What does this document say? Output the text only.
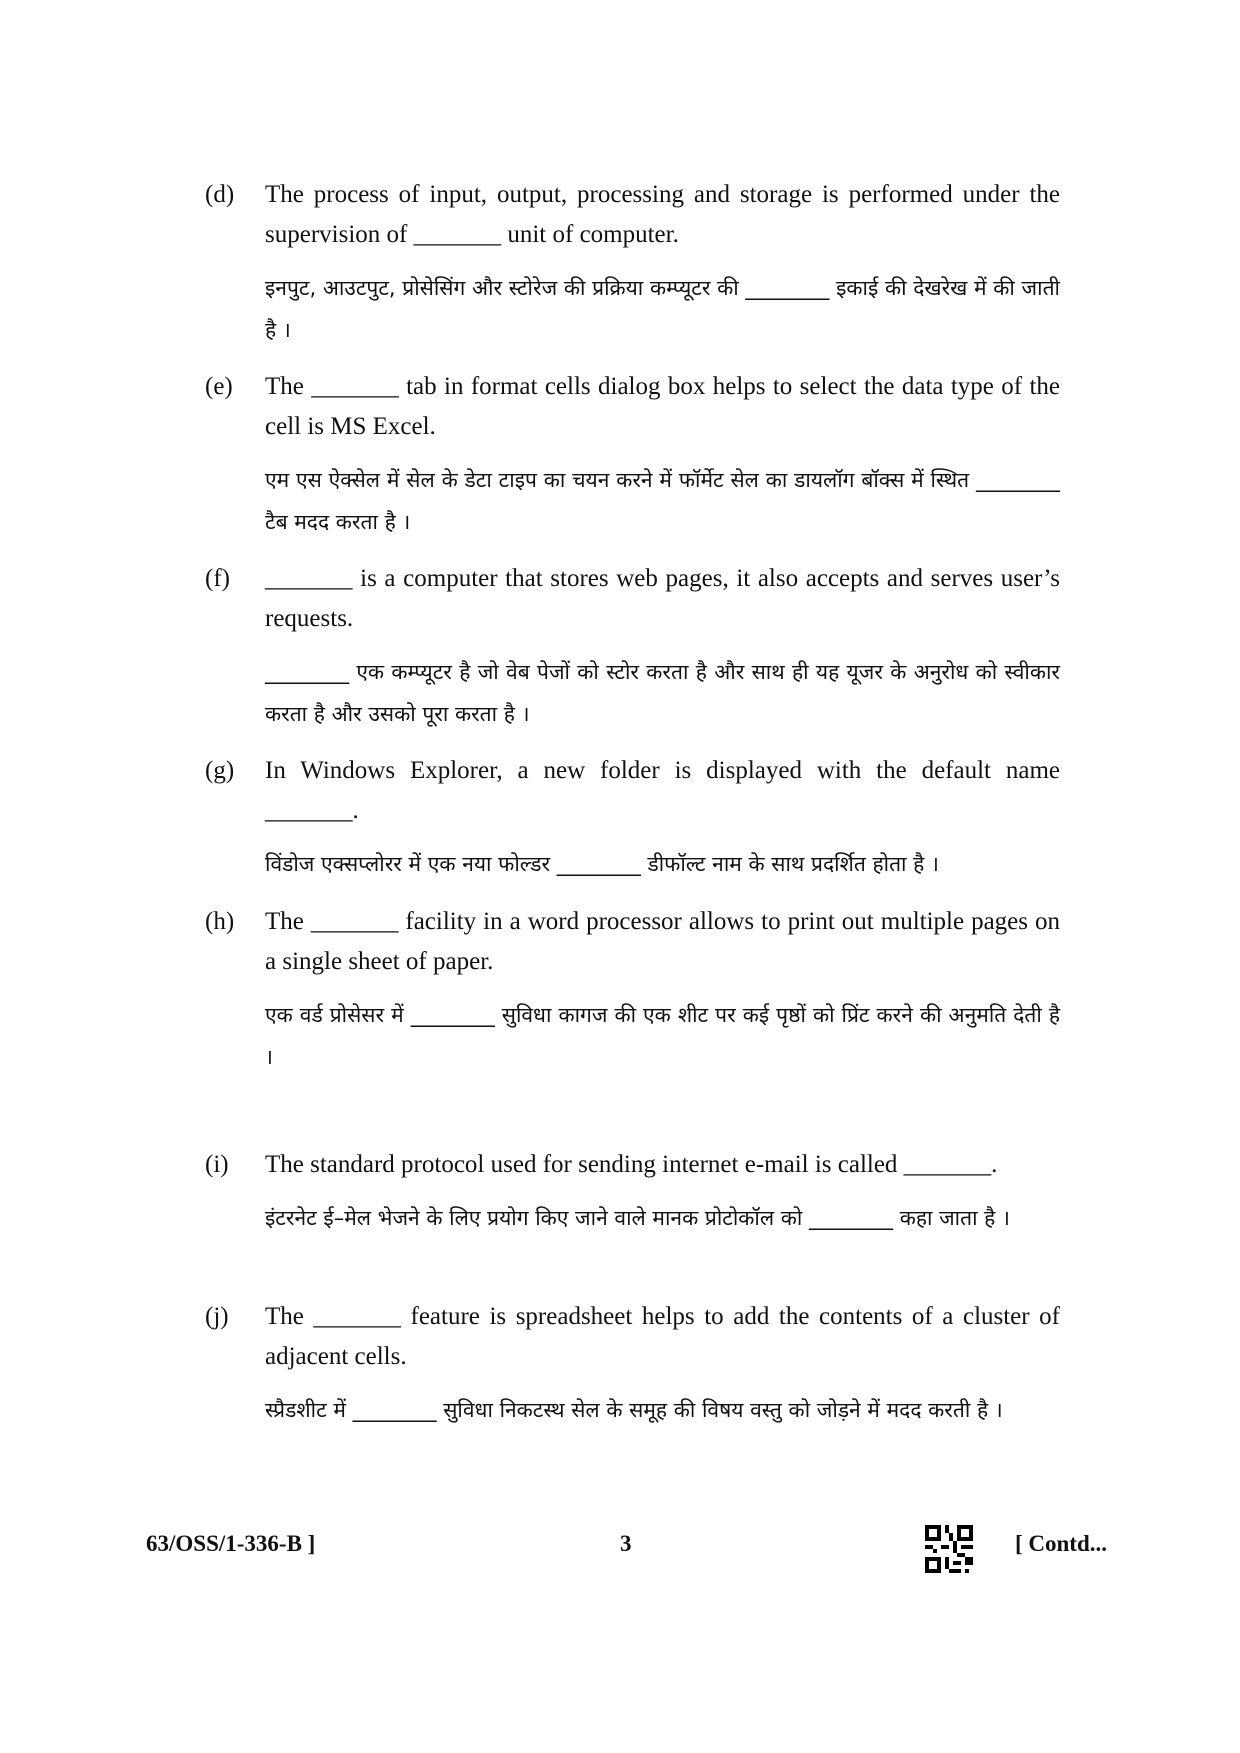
(d)	The process of input, output, processing and storage is performed under the supervision of _______ unit of computer.

इनपुट, आउटपुट, प्रोसेसिंग और स्टोरेज की प्रक्रिया कम्प्यूटर की ________ इकाई की देखरेख में की जाती है ।

(e)	The _______ tab in format cells dialog box helps to select the data type of the cell is MS Excel.

एम एस ऐक्सेल में सेल के डेटा टाइप का चयन करने में फॉर्मेट सेल का डायलॉग बॉक्स में स्थित ________ टैब मदद करता है ।

(f)	_______ is a computer that stores web pages, it also accepts and serves user’s requests.

________ एक कम्प्यूटर है जो वेब पेजों को स्टोर करता है और साथ ही यह यूजर के अनुरोध को स्वीकार करता है और उसको पूरा करता है ।

(g)	In Windows Explorer, a new folder is displayed with the default name _______.

विंडोज एक्सप्लोरर में एक नया फोल्डर ________ डीफॉल्ट नाम के साथ प्रदर्शित होता है ।

(h)	The _______ facility in a word processor allows to print out multiple pages on a single sheet of paper.

एक वर्ड प्रोसेसर में ________ सुविधा कागज की एक शीट पर कई पृष्ठों को प्रिंट करने की अनुमति देती है ।

(i)	The standard protocol used for sending internet e-mail is called _______.

इंटरनेट ई–मेल भेजने के लिए प्रयोग किए जाने वाले मानक प्रोटोकॉल को ________ कहा जाता है ।

(j)	The _______ feature is spreadsheet helps to add the contents of a cluster of adjacent cells.

स्प्रैडशीट में ________ सुविधा निकटस्थ सेल के समूह की विषय वस्तु को जोड़ने में मदद करती है ।

63/OSS/1-336-B ]	3	[ Contd...
